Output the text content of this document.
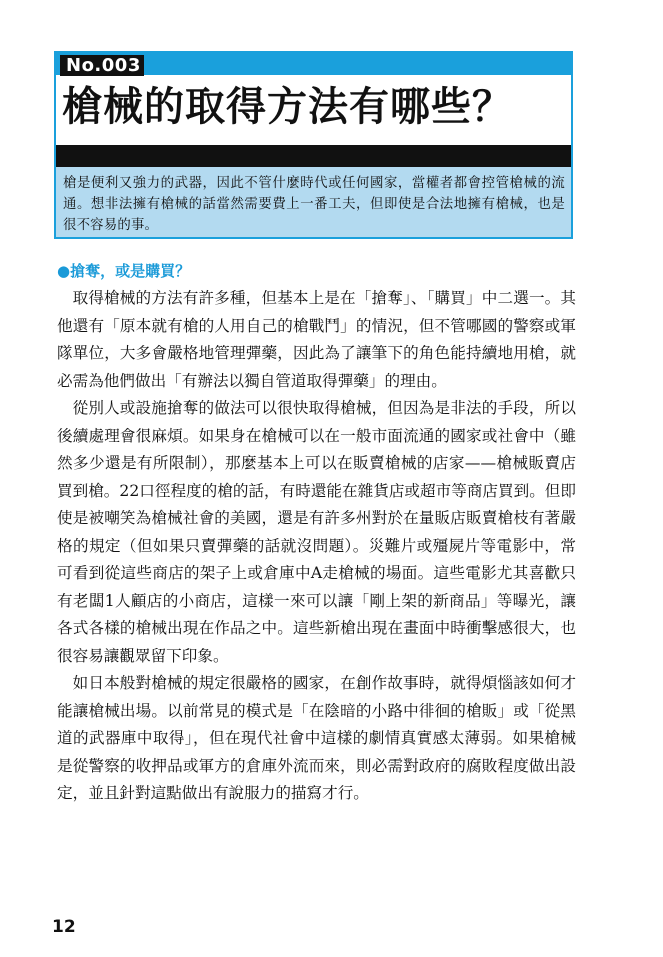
No.003
槍械的取得方法有哪些？
槍是便利又強力的武器，因此不管什麼時代或任何國家，當權者都會控管槍械的流通。想非法擁有槍械的話當然需要費上一番工夫，但即使是合法地擁有槍械，也是很不容易的事。
●搶奪，或是購買？

取得槍械的方法有許多種，但基本上是在「搶奪」、「購買」中二選一。其他還有「原本就有槍的人用自己的槍戰鬥」的情況，但不管哪國的警察或軍隊單位，大多會嚴格地管理彈藥，因此為了讓筆下的角色能持續地用槍，就必需為他們做出「有辦法以獨自管道取得彈藥」的理由。

從別人或設施搶奪的做法可以很快取得槍械，但因為是非法的手段，所以後續處理會很麻煩。如果身在槍械可以在一般市面流通的國家或社會中（雖然多少還是有所限制），那麼基本上可以在販賣槍械的店家——槍械販賣店買到槍。22口徑程度的槍的話，有時還能在雜貨店或超市等商店買到。但即使是被嘲笑為槍械社會的美國，還是有許多州對於在量販店販賣槍枝有著嚴格的規定（但如果只賣彈藥的話就沒問題）。災難片或殭屍片等電影中，常可看到從這些商店的架子上或倉庫中A走槍械的場面。這些電影尤其喜歡只有老闆1人顧店的小商店，這樣一來可以讓「剛上架的新商品」等曝光，讓各式各樣的槍械出現在作品之中。這些新槍出現在畫面中時衝擊感很大，也很容易讓觀眾留下印象。

如日本般對槍械的規定很嚴格的國家，在創作故事時，就得煩惱該如何才能讓槍械出場。以前常見的模式是「在陰暗的小路中徘徊的槍販」或「從黑道的武器庫中取得」，但在現代社會中這樣的劇情真實感太薄弱。如果槍械是從警察的收押品或軍方的倉庫外流而來，則必需對政府的腐敗程度做出設定，並且針對這點做出有說服力的描寫才行。

12
